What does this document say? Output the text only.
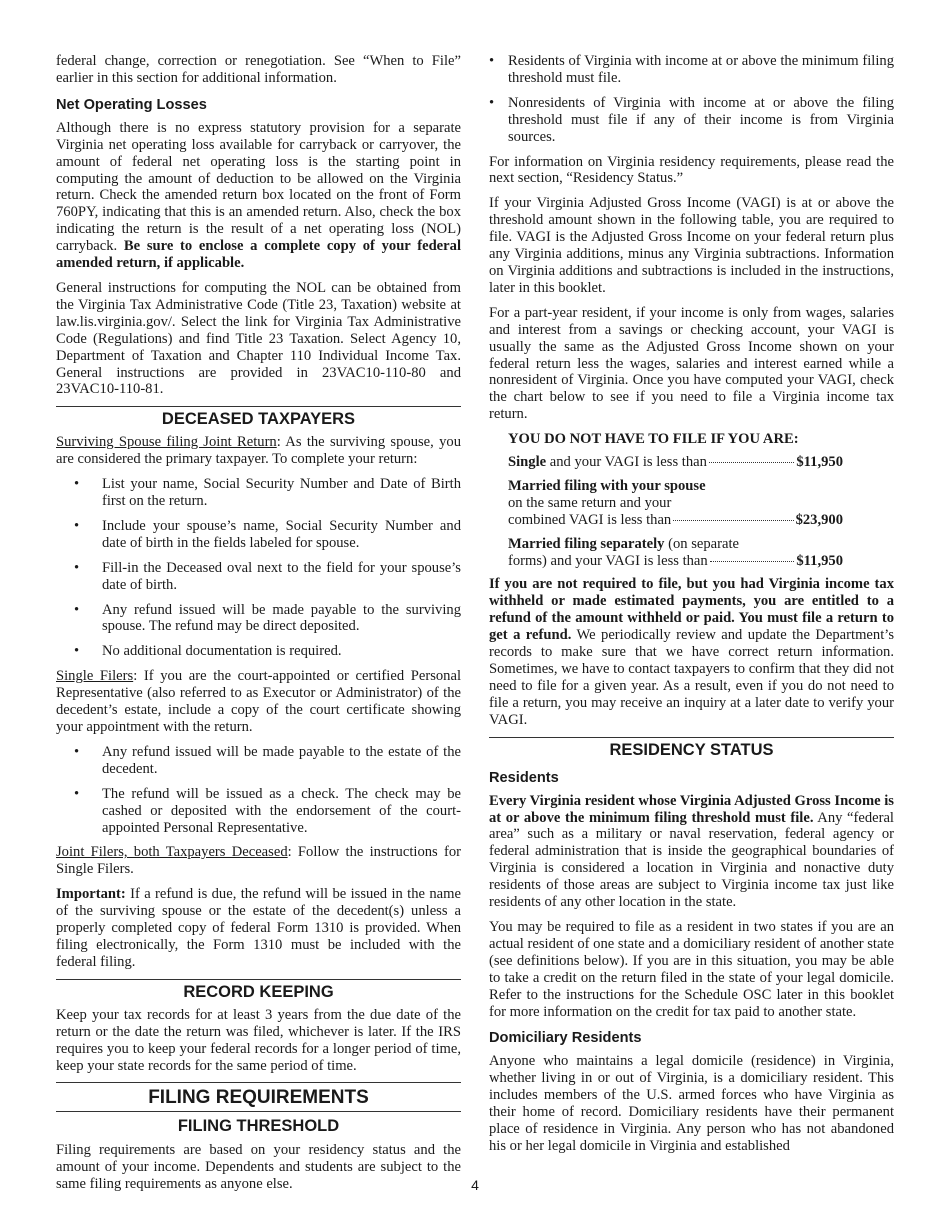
federal change, correction or renegotiation. See “When to File” earlier in this section for additional information.

Net Operating Losses

Although there is no express statutory provision for a separate Virginia net operating loss available for carryback or carryover, the amount of federal net operating loss is the starting point in computing the amount of deduction to be allowed on the Virginia return. Check the amended return box located on the front of Form 760PY, indicating that this is an amended return. Also, check the box indicating the return is the result of a net operating loss (NOL) carryback. Be sure to enclose a complete copy of your federal amended return, if applicable.

General instructions for computing the NOL can be obtained from the Virginia Tax Administrative Code (Title 23, Taxation) website at law.lis.virginia.gov/. Select the link for Virginia Tax Administrative Code (Regulations) and find Title 23 Taxation. Select Agency 10, Department of Taxation and Chapter 110 Individual Income Tax. General instructions are provided in 23VAC10-110-80 and 23VAC10-110-81.

DECEASED TAXPAYERS

Surviving Spouse filing Joint Return: As the surviving spouse, you are considered the primary taxpayer. To complete your return:

• List your name, Social Security Number and Date of Birth first on the return.
• Include your spouse’s name, Social Security Number and date of birth in the fields labeled for spouse.
• Fill-in the Deceased oval next to the field for your spouse’s date of birth.
• Any refund issued will be made payable to the surviving spouse. The refund may be direct deposited.
• No additional documentation is required.

Single Filers: If you are the court-appointed or certified Personal Representative (also referred to as Executor or Administrator) of the decedent’s estate, include a copy of the court certificate showing your appointment with the return.

• Any refund issued will be made payable to the estate of the decedent.
• The refund will be issued as a check. The check may be cashed or deposited with the endorsement of the court-appointed Personal Representative.

Joint Filers, both Taxpayers Deceased: Follow the instructions for Single Filers.

Important: If a refund is due, the refund will be issued in the name of the surviving spouse or the estate of the decedent(s) unless a properly completed copy of federal Form 1310 is provided. When filing electronically, the Form 1310 must be included with the federal filing.

RECORD KEEPING

Keep your tax records for at least 3 years from the due date of the return or the date the return was filed, whichever is later. If the IRS requires you to keep your federal records for a longer period of time, keep your state records for the same period of time.

FILING REQUIREMENTS
FILING THRESHOLD

Filing requirements are based on your residency status and the amount of your income. Dependents and students are subject to the same filing requirements as anyone else.

• Residents of Virginia with income at or above the minimum filing threshold must file.
• Nonresidents of Virginia with income at or above the filing threshold must file if any of their income is from Virginia sources.

For information on Virginia residency requirements, please read the next section, “Residency Status.”

If your Virginia Adjusted Gross Income (VAGI) is at or above the threshold amount shown in the following table, you are required to file. VAGI is the Adjusted Gross Income on your federal return plus any Virginia additions, minus any Virginia subtractions. Information on Virginia additions and subtractions is included in the instructions, later in this booklet.

For a part-year resident, if your income is only from wages, salaries and interest from a savings or checking account, your VAGI is usually the same as the Adjusted Gross Income shown on your federal return less the wages, salaries and interest earned while a nonresident of Virginia. Once you have computed your VAGI, check the chart below to see if you need to file a Virginia income tax return.

YOU DO NOT HAVE TO FILE IF YOU ARE:
Single and your VAGI is less than	$11,950
Married filing with your spouse
on the same return and your
combined VAGI is less than	$23,900
Married filing separately (on separate
forms) and your VAGI is less than	$11,950

If you are not required to file, but you had Virginia income tax withheld or made estimated payments, you are entitled to a refund of the amount withheld or paid. You must file a return to get a refund. We periodically review and update the Department’s records to make sure that we have correct return information. Sometimes, we have to contact taxpayers to confirm that they did not need to file for a given year. As a result, even if you do not need to file a return, you may receive an inquiry at a later date to verify your VAGI.

RESIDENCY STATUS
Residents

Every Virginia resident whose Virginia Adjusted Gross Income is at or above the minimum filing threshold must file. Any “federal area” such as a military or naval reservation, federal agency or federal administration that is inside the geographical boundaries of Virginia is considered a location in Virginia and nonactive duty residents of those areas are subject to Virginia income tax just like residents of any other location in the state.

You may be required to file as a resident in two states if you are an actual resident of one state and a domiciliary resident of another state (see definitions below). If you are in this situation, you may be able to take a credit on the return filed in the state of your legal domicile. Refer to the instructions for the Schedule OSC later in this booklet for more information on the credit for tax paid to another state.

Domiciliary Residents

Anyone who maintains a legal domicile (residence) in Virginia, whether living in or out of Virginia, is a domiciliary resident. This includes members of the U.S. armed forces who have Virginia as their home of record. Domiciliary residents have their permanent place of residence in Virginia. Any person who has not abandoned his or her legal domicile in Virginia and established

4
